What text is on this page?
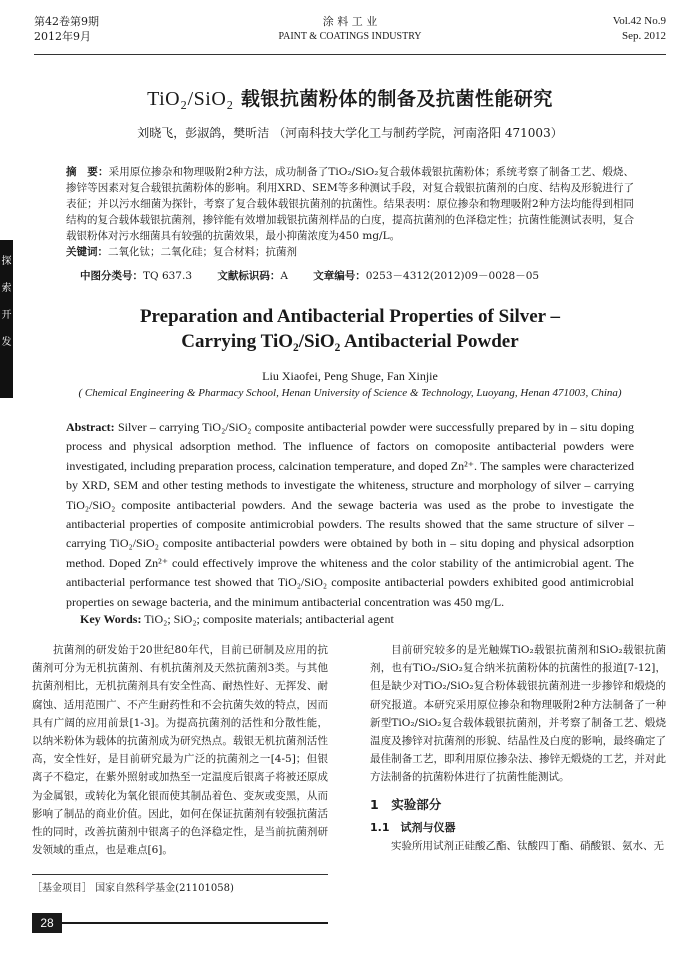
第42卷第9期
2012年9月
涂 料 工 业
PAINT & COATINGS INDUSTRY
Vol.42 No.9
Sep. 2012
探
索
开
发
TiO₂/SiO₂ 载银抗菌粉体的制备及抗菌性能研究
刘晓飞，彭淑鸽，樊昕洁 （河南科技大学化工与制药学院，河南洛阳 471003）
摘　要：采用原位掺杂和物理吸附2种方法，成功制备了TiO₂/SiO₂复合载体载银抗菌粉体；系统考察了制备工艺、煅烧、掺锌等因素对复合载银抗菌粉体的影响。利用XRD、SEM等多种测试手段，对复合载银抗菌剂的白度、结构及形貌进行了表征；并以污水细菌为探针，考察了复合载体载银抗菌剂的抗菌性。结果表明：原位掺杂和物理吸附2种方法均能得到相同结构的复合载体载银抗菌剂，掺锌能有效增加载银抗菌剂样品的白度，提高抗菌剂的色泽稳定性；抗菌性能测试表明，复合载银粉体对污水细菌具有较强的抗菌效果，最小抑菌浓度为450 mg/L。
关键词：二氧化钛；二氧化硅；复合材料；抗菌剂
中图分类号：TQ 637.3 文献标识码：A 文章编号：0253－4312(2012)09－0028－05
Preparation and Antibacterial Properties of Silver –
Carrying TiO₂/SiO₂ Antibacterial Powder
Liu Xiaofei, Peng Shuge, Fan Xinjie
( Chemical Engineering & Pharmacy School, Henan University of Science & Technology, Luoyang, Henan 471003, China)
Abstract: Silver – carrying TiO₂/SiO₂ composite antibacterial powder were successfully prepared by in – situ doping process and physical adsorption method. The influence of factors on comoposite antibacterial powders were investigated, including preparation process, calcination temperature, and doped Zn²⁺. The samples were characterized by XRD, SEM and other testing methods to investigate the whiteness, structure and morphology of silver – carrying TiO₂/SiO₂ composite antibacterial powders. And the sewage bacteria was used as the probe to investigate the antibacterial properties of composite antimicrobial powders. The results showed that the same structure of silver – carrying TiO₂/SiO₂ composite antibacterial powders were obtained by both in – situ doping and physical adsorption method. Doped Zn²⁺ could effectively improve the whiteness and the color stability of the antimicrobial agent. The antibacterial performance test showed that TiO₂/SiO₂ composite antibacterial powders exhibited good antimicrobial properties on sewage bacteria, and the minimum antibacterial concentration was 450 mg/L.
Key Words: TiO₂; SiO₂; composite materials; antibacterial agent

抗菌剂的研发始于20世纪80年代，目前已研制及应用的抗菌剂可分为无机抗菌剂、有机抗菌剂及天然抗菌剂3类。与其他抗菌剂相比，无机抗菌剂具有安全性高、耐热性好、无挥发、耐腐蚀、适用范围广、不产生耐药性和不会抗菌失效的特点，因而具有广阔的应用前景[1-3]。为提高抗菌剂的活性和分散性能，以纳米粉体为载体的抗菌剂成为研究热点。载银无机抗菌剂活性高，安全性好，是目前研究最为广泛的抗菌剂之一[4-5]；但银离子不稳定，在紫外照射或加热至一定温度后银离子将被还原成为金属银，或转化为氧化银而使其制品着色、变灰或变黑，从而影响了制品的商业价值。因此，如何在保证抗菌剂有较强抗菌活性的同时，改善抗菌剂中银离子的色泽稳定性，是当前抗菌剂研发领域的重点，也是难点[6]。

目前研究较多的是光触媒TiO₂载银抗菌剂和SiO₂载银抗菌剂，也有TiO₂/SiO₂复合纳米抗菌粉体的抗菌性的报道[7-12]，但是缺少对TiO₂/SiO₂复合粉体载银抗菌剂进一步掺锌和煅烧的研究报道。本研究采用原位掺杂和物理吸附2种方法制备了一种新型TiO₂/SiO₂复合载体载银抗菌剂，并考察了制备工艺、煅烧温度及掺锌对抗菌剂的形貌、结晶性及白度的影响，最终确定了最佳制备工艺，即利用原位掺杂法、掺锌无煅烧的工艺，并对此方法制备的抗菌粉体进行了抗菌性能测试。

1　实验部分
1.1　试剂与仪器

实验所用试剂正硅酸乙酯、钛酸四丁酯、硝酸银、氨水、无

［基金项目］ 国家自然科学基金(21101058)
28
